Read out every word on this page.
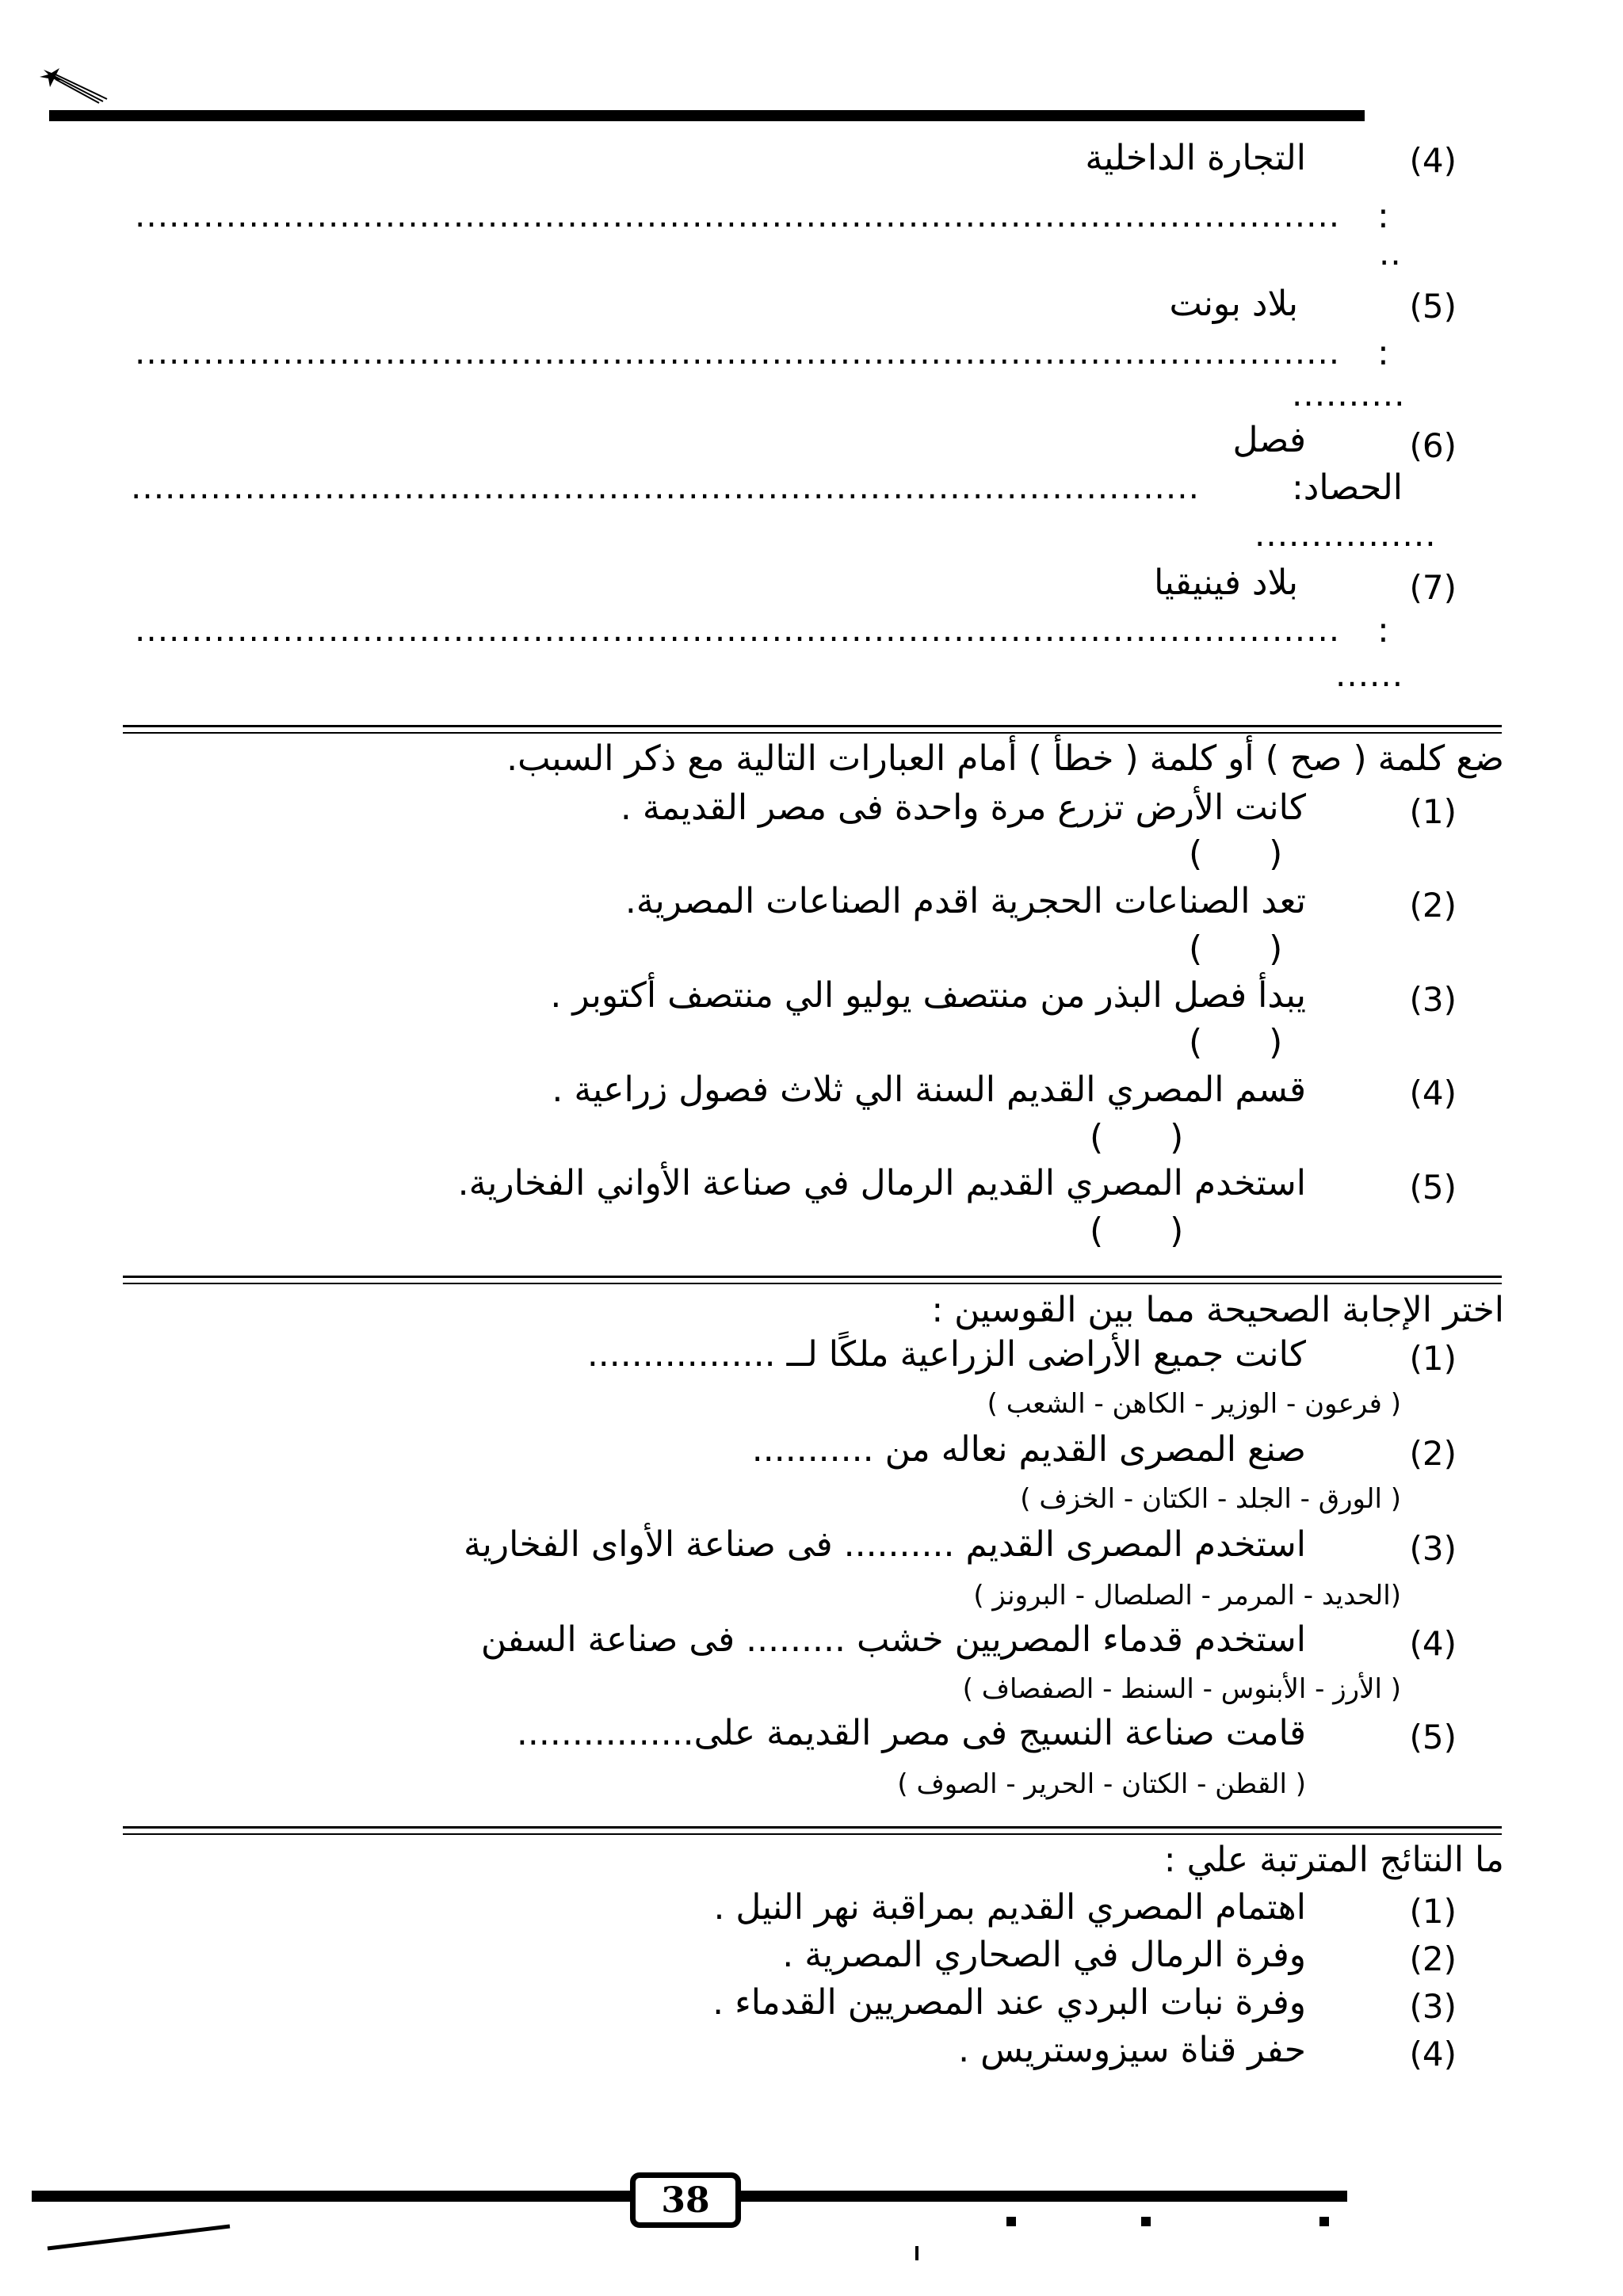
(4)
التجارة الداخلية
..........................................................................................................	:
..
(5)
بلاد بونت
..........................................................................................................	:
..........
(6)
فصل
الحصاد:
..............................................................................................
................
(7)
بلاد فينيقيا
..........................................................................................................	:
......
ضع كلمة ( صح ) أو كلمة ( خطأ ) أمام العبارات التالية مع ذكر السبب.
(1)
كانت الأرض تزرع مرة واحدة فى مصر القديمة .
(      )
(2)
تعد الصناعات الحجرية اقدم الصناعات المصرية.
(      )
(3)
يبدأ فصل البذر من منتصف يوليو الي منتصف أكتوبر .
(      )
(4)
قسم المصري القديم السنة الي ثلاث فصول زراعية .
(      )
(5)
استخدم المصري القديم الرمال في صناعة الأواني الفخارية.
(      )
اختر الإجابة الصحيحة مما بين القوسين :
(1)
كانت جميع الأراضى الزراعية ملكًا لــ .................
( فرعون - الوزير - الكاهن - الشعب )
(2)
صنع المصرى القديم نعاله من ...........
( الورق - الجلد - الكتان - الخزف )
(3)
استخدم المصرى القديم .......... فى صناعة الأواى الفخارية
(الحديد - المرمر - الصلصال - البرونز )
(4)
استخدم قدماء المصريين خشب ......... فى صناعة السفن
( الأرز - الأبنوس - السنط - الصفصاف )
(5)
قامت صناعة النسيج فى مصر القديمة على................
( القطن - الكتان - الحرير - الصوف )
ما النتائج المترتبة علي :
(1)
اهتمام المصري القديم بمراقبة نهر النيل .
(2)
وفرة الرمال في الصحاري المصرية .
(3)
وفرة نبات البردي عند المصريين القدماء .
(4)
حفر قناة سيزوستريس .
38
